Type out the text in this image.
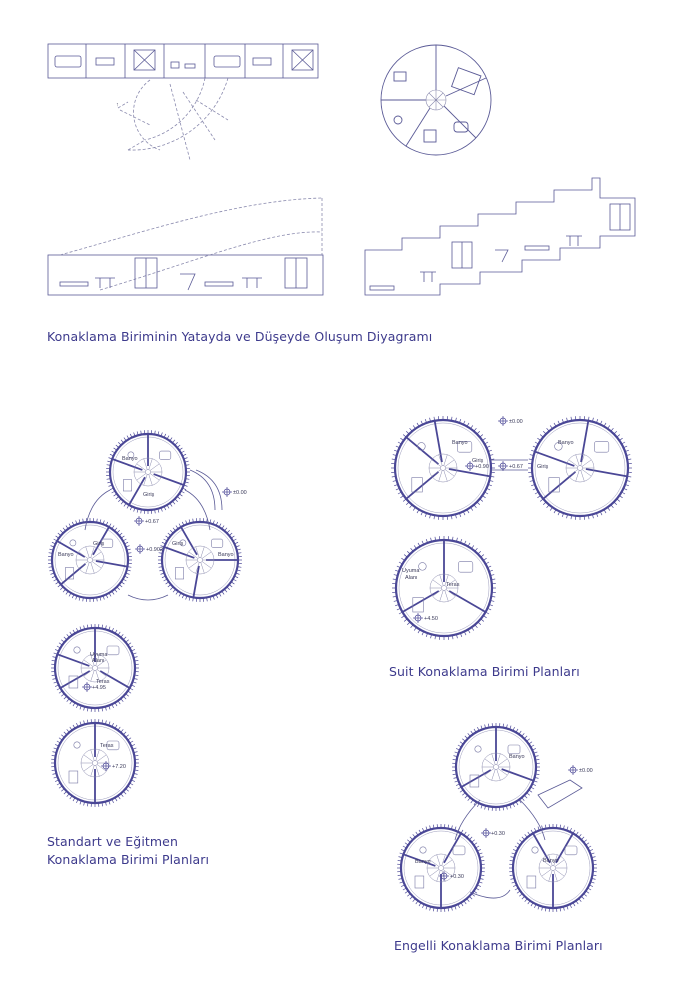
↑
Banyo
Giriş
Banyo
Giriş	Giriş
Banyo
Uyuma
Alanı
Teras
Teras
Banyo
Giriş
Banyo
Giriş
Uyuma
Alanı
Teras
Banyo
Banyo	Banyo
±0.00
+0.67
+0.902
+4.95
+7.20
±0.00
+0.90	+0.67
+4.50
±0.00
+0.30
+0.30
Konaklama Biriminin Yatayda ve Düşeyde Oluşum Diyagramı
Suit Konaklama Birimi Planları
Standart ve Eğitmen
Konaklama Birimi Planları
Engelli Konaklama Birimi Planları
